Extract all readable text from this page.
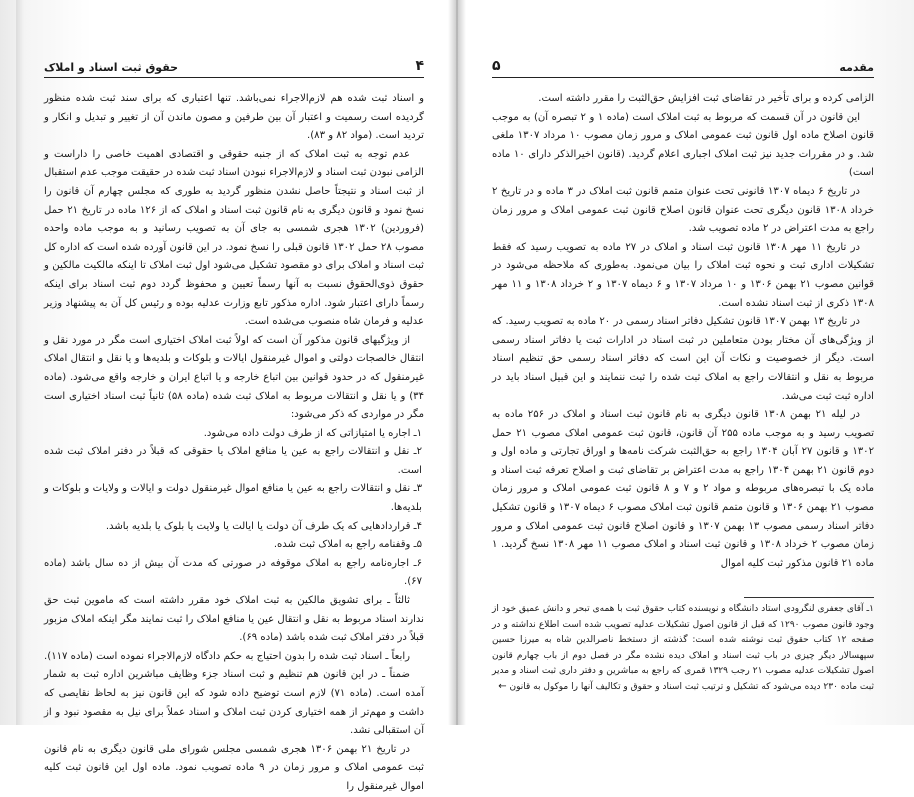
۴
حقوق ثبت اسناد و املاک

و اسناد ثبت شده هم لازم‌الاجراء نمی‌باشد. تنها اعتباری که برای سند ثبت شده منظور گردیده است رسمیت و اعتبار آن بین طرفین و مصون ماندن آن از تغییر و تبدیل و انکار و تردید است. (مواد ۸۲ و ۸۳).

عدم توجه به ثبت املاک که از جنبه حقوقی و اقتصادی اهمیت خاصی را داراست و الزامی نبودن ثبت اسناد و لازم‌الاجراء نبودن اسناد ثبت شده در حقیقت موجب عدم استقبال از ثبت اسناد و نتیجتاً حاصل نشدن منظور گردید به طوری که مجلس چهارم آن قانون را نسخ نمود و قانون دیگری به نام قانون ثبت اسناد و املاک که از ۱۲۶ ماده در تاریخ ۲۱ حمل (فروردین) ۱۳۰۲ هجری شمسی به جای آن به تصویب رسانید و به موجب ماده واحده مصوب ۲۸ حمل ۱۳۰۲ قانون قبلی را نسخ نمود. در این قانون آورده شده است که اداره کل ثبت اسناد و املاک برای دو مقصود تشکیل می‌شود اول ثبت املاک تا اینکه مالکیت مالکین و حقوق ذوی‌الحقوق نسبت به آنها رسماً تعیین و محفوظ گردد دوم ثبت اسناد برای اینکه رسماً دارای اعتبار شود. اداره مذکور تابع وزارت عدلیه بوده و رئیس کل آن به پیشنهاد وزیر عدلیه و فرمان شاه منصوب می‌شده است.

از ویژگیهای قانون مذکور آن است که اولاً ثبت املاک اختیاری است مگر در مورد نقل و انتقال خالصجات دولتی و اموال غیرمنقول ایالات و بلوکات و بلدیه‌ها و یا نقل و انتقال املاک غیرمنقول که در حدود قوانین بین اتباع خارجه و یا اتباع ایران و خارجه واقع می‌شود. (ماده ۳۴) و یا نقل و انتقالات مربوط به املاک ثبت شده (ماده ۵۸) ثانیاً ثبت اسناد اختیاری است مگر در مواردی که ذکر می‌شود:

۱ـ اجاره یا امتیازاتی که از طرف دولت داده می‌شود.

۲ـ نقل و انتقالات راجع به عین یا منافع املاک یا حقوقی که قبلاً در دفتر املاک ثبت شده است.

۳ـ نقل و انتقالات راجع به عین یا منافع اموال غیرمنقول دولت و ایالات و ولایات و بلوکات و بلدیه‌ها.

۴ـ قراردادهایی که یک طرف آن دولت یا ایالت یا ولایت یا بلوک یا بلدیه باشد.

۵ـ وقفنامه راجع به املاک ثبت شده.

۶ـ اجاره‌نامه راجع به املاک موقوفه در صورتی که مدت آن بیش از ده سال باشد (ماده ۶۷).

ثالثاً ـ برای تشویق مالکین به ثبت املاک خود مقرر داشته است که ماموین ثبت حق ندارند اسناد مربوط به نقل و انتقال عین یا منافع املاک را ثبت نمایند مگر اینکه املاک مزبور قبلاً در دفتر املاک ثبت شده باشد (ماده ۶۹).

رابعاً ـ اسناد ثبت شده را بدون احتیاج به حکم دادگاه لازم‌الاجراء نموده است (ماده ۱۱۷).

ضمناً ـ در این قانون هم تنظیم و ثبت اسناد جزء وظایف مباشرین اداره ثبت به شمار آمده است. (ماده ۷۱) لازم است توضیح داده شود که این قانون نیز به لحاظ نقایصی که داشت و مهم‌تر از همه اختیاری کردن ثبت املاک و اسناد عملاً برای نیل به مقصود نبود و از آن استقبالی نشد.

در تاریخ ۲۱ بهمن ۱۳۰۶ هجری شمسی مجلس شورای ملی قانون دیگری به نام قانون ثبت عمومی املاک و مرور زمان در ۹ ماده تصویب نمود. ماده اول این قانون ثبت کلیه اموال غیرمنقول را

مقدمه
۵

الزامی کرده و برای تأخیر در تقاضای ثبت افزایش حق‌الثبت را مقرر داشته است.

این قانون در آن قسمت که مربوط به ثبت املاک است (ماده ۱ و ۲ تبصره آن) به موجب قانون اصلاح ماده اول قانون ثبت عمومی املاک و مرور زمان مصوب ۱۰ مرداد ۱۳۰۷ ملغی شد. و در مقررات جدید نیز ثبت املاک اجباری اعلام گردید. (قانون اخیرالذکر دارای ۱۰ ماده است)

در تاریخ ۶ دیماه ۱۳۰۷ قانونی تحت عنوان متمم قانون ثبت املاک در ۳ ماده و در تاریخ ۲ خرداد ۱۳۰۸ قانون دیگری تحت عنوان قانون اصلاح قانون ثبت عمومی املاک و مرور زمان راجع به مدت اعتراض در ۲ ماده تصویب شد.

در تاریخ ۱۱ مهر ۱۳۰۸ قانون ثبت اسناد و املاک در ۲۷ ماده به تصویب رسید که فقط تشکیلات اداری ثبت و نحوه ثبت املاک را بیان می‌نمود. به‌طوری که ملاحظه می‌شود در قوانین مصوب ۲۱ بهمن ۱۳۰۶ و ۱۰ مرداد ۱۳۰۷ و ۶ دیماه ۱۳۰۷ و ۲ خرداد ۱۳۰۸ و ۱۱ مهر ۱۳۰۸ ذکری از ثبت اسناد نشده است.

در تاریخ ۱۳ بهمن ۱۳۰۷ قانون تشکیل دفاتر اسناد رسمی در ۲۰ ماده به تصویب رسید. که از ویژگی‌های آن مختار بودن متعاملین در ثبت اسناد در ادارات ثبت یا دفاتر اسناد رسمی است. دیگر از خصوصیت و نکات آن این است که دفاتر اسناد رسمی حق تنظیم اسناد مربوط به نقل و انتقالات راجع به املاک ثبت شده را ثبت ننمایند و این قبیل اسناد باید در اداره ثبت ثبت می‌شد.

در لیله ۲۱ بهمن ۱۳۰۸ قانون دیگری به نام قانون ثبت اسناد و املاک در ۲۵۶ ماده به تصویب رسید و به موجب ماده ۲۵۵ آن قانون، قانون ثبت عمومی املاک مصوب ۲۱ حمل ۱۳۰۲ و قانون ۲۷ آبان ۱۳۰۴ راجع به حق‌الثبت شرکت نامه‌ها و اوراق تجارتی و ماده اول و دوم قانون ۲۱ بهمن ۱۳۰۴ راجع به مدت اعتراض بر تقاضای ثبت و اصلاح تعرفه ثبت اسناد و ماده یک با تبصره‌های مربوطه و مواد ۲ و ۷ و ۸ قانون ثبت عمومی املاک و مرور زمان مصوب ۲۱ بهمن ۱۳۰۶ و قانون متمم قانون ثبت املاک مصوب ۶ دیماه ۱۳۰۷ و قانون تشکیل دفاتر اسناد رسمی مصوب ۱۳ بهمن ۱۳۰۷ و قانون اصلاح قانون ثبت عمومی املاک و مرور زمان مصوب ۲ خرداد ۱۳۰۸ و قانون ثبت اسناد و املاک مصوب ۱۱ مهر ۱۳۰۸ نسخ گردید. ۱ ماده ۲۱ قانون مذکور ثبت کلیه اموال

۱ـ آقای جعفری لنگرودی استاد دانشگاه و نویسنده کتاب حقوق ثبت با همه‌ی تبحر و دانش عمیق خود از وجود قانون مصوب ۱۲۹۰ که قبل از قانون اصول تشکیلات عدلیه تصویب شده است اطلاع نداشته و در صفحه ۱۲ کتاب حقوق ثبت نوشته شده است: گذشته از دستخط ناصرالدین شاه به میرزا حسین سپهسالار دیگر چیزی در باب ثبت اسناد و املاک دیده نشده مگر در فصل دوم از باب چهارم قانون اصول تشکیلات عدلیه مصوب ۲۱ رجب ۱۳۲۹ قمری که راجع به مباشرین و دفتر داری ثبت اسناد و مدیر ثبت ماده ۲۳۰ دیده می‌شود که تشکیل و ترتیب ثبت اسناد و حقوق و تکالیف آنها را موکول به قانون ←
